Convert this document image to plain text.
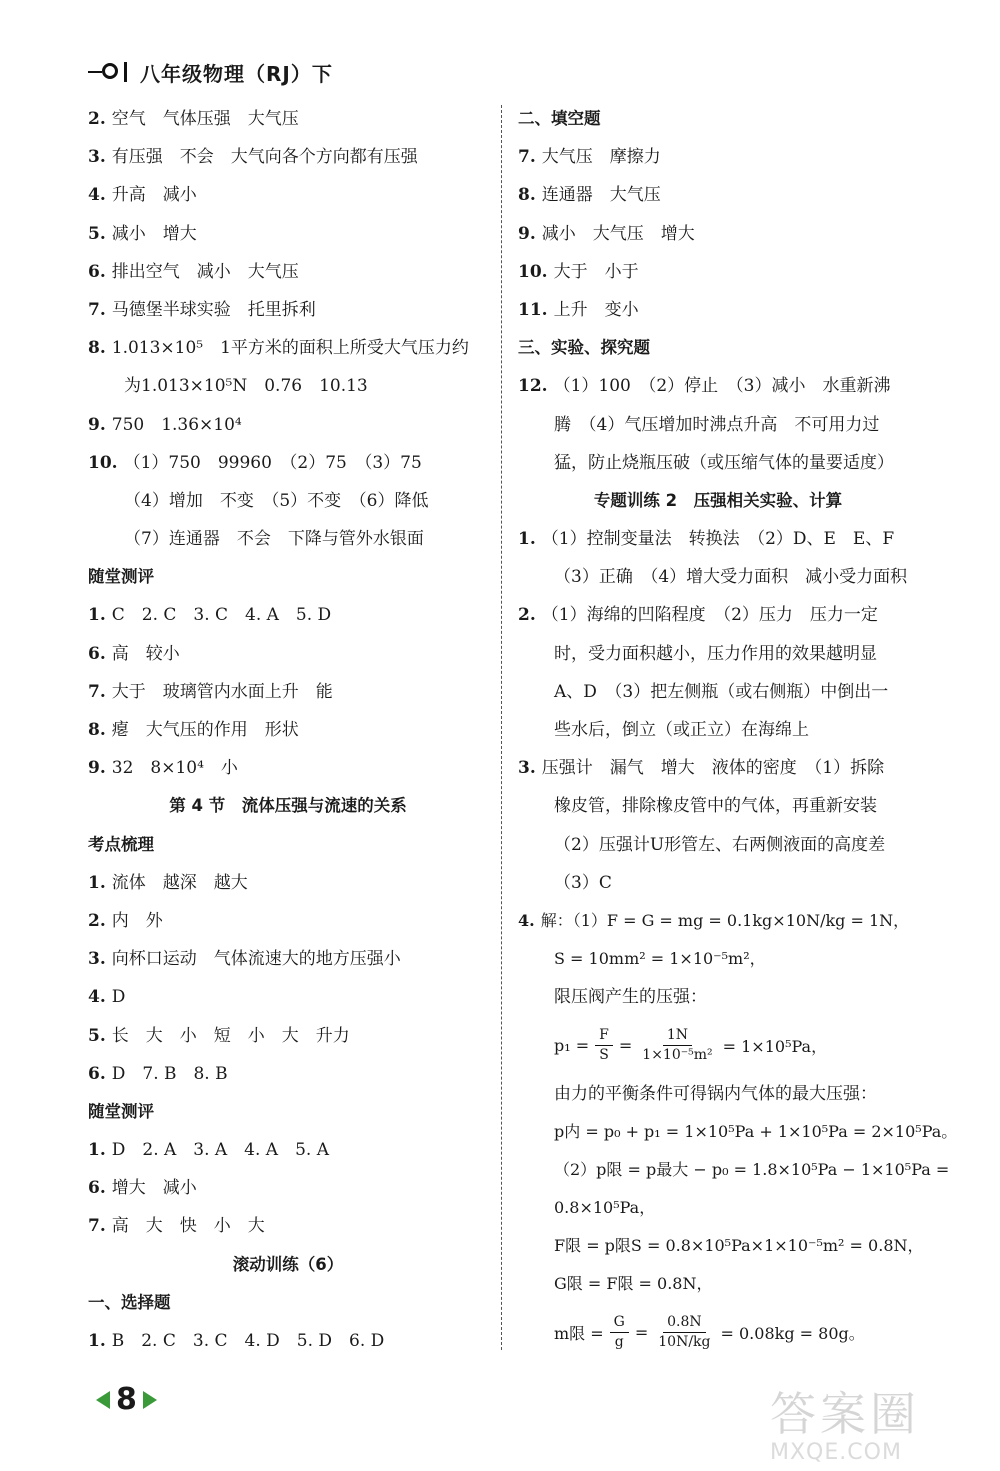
八年级物理（RJ）下
2. 空气　气体压强　大气压
3. 有压强　不会　大气向各个方向都有压强
4. 升高　减小
5. 减小　增大
6. 排出空气　减小　大气压
7. 马德堡半球实验　托里拆利
8. 1.013×10⁵　1平方米的面积上所受大气压力约
为1.013×10⁵N　0.76　10.13
9. 750　1.36×10⁴
10. （1）750　99960　（2）75　（3）75
（4）增加　不变　（5）不变　（6）降低
（7）连通器　不会　下降与管外水银面
随堂测评
1. C　2. C　3. C　4. A　5. D
6. 高　较小
7. 大于　玻璃管内水面上升　能
8. 瘪　大气压的作用　形状
9. 32　8×10⁴　小
第 4 节　流体压强与流速的关系
考点梳理
1. 流体　越深　越大
2. 内　外
3. 向杯口运动　气体流速大的地方压强小
4. D
5. 长　大　小　短　小　大　升力
6. D　7. B　8. B
随堂测评
1. D　2. A　3. A　4. A　5. A
6. 增大　减小
7. 高　大　快　小　大
滚动训练（6）
一、选择题
1. B　2. C　3. C　4. D　5. D　6. D
二、填空题
7. 大气压　摩擦力
8. 连通器　大气压
9. 减小　大气压　增大
10. 大于　小于
11. 上升　变小
三、实验、探究题
12. （1）100　（2）停止　（3）减小　水重新沸
腾　（4）气压增加时沸点升高　不可用力过
猛，防止烧瓶压破（或压缩气体的量要适度）
专题训练 2　压强相关实验、计算
1. （1）控制变量法　转换法　（2）D、E　E、F
（3）正确　（4）增大受力面积　减小受力面积
2. （1）海绵的凹陷程度　（2）压力　压力一定
时，受力面积越小，压力作用的效果越明显
A、D　（3）把左侧瓶（或右侧瓶）中倒出一
些水后，倒立（或正立）在海绵上
3. 压强计　漏气　增大　液体的密度　（1）拆除
橡皮管，排除橡皮管中的气体，再重新安装
（2）压强计U形管左、右两侧液面的高度差
（3）C
4. 解：（1）F = G = mg = 0.1kg×10N/kg = 1N，
S = 10mm² = 1×10⁻⁵m²，
限压阀产生的压强：
$p_1 = \frac{F}{S} = \frac{1N}{\text{1×10⁻⁵m²}} = 1\times 10^5Pa$，
由力的平衡条件可得锅内气体的最大压强：
p内 = p₀ + p₁ = 1×10⁵Pa + 1×10⁵Pa = 2×10⁵Pa。
（2）p限 = p最大 − p₀ = 1.8×10⁵Pa − 1×10⁵Pa =
0.8×10⁵Pa，
F限 = p限S = 0.8×10⁵Pa×1×10⁻⁵m² = 0.8N，
G限 = F限 = 0.8N，
m限 = $\frac{G}{g} = \frac{0.8N}{10N/kg} = 0.08kg = 80g$。
8	答案圈
MXQE.COM
